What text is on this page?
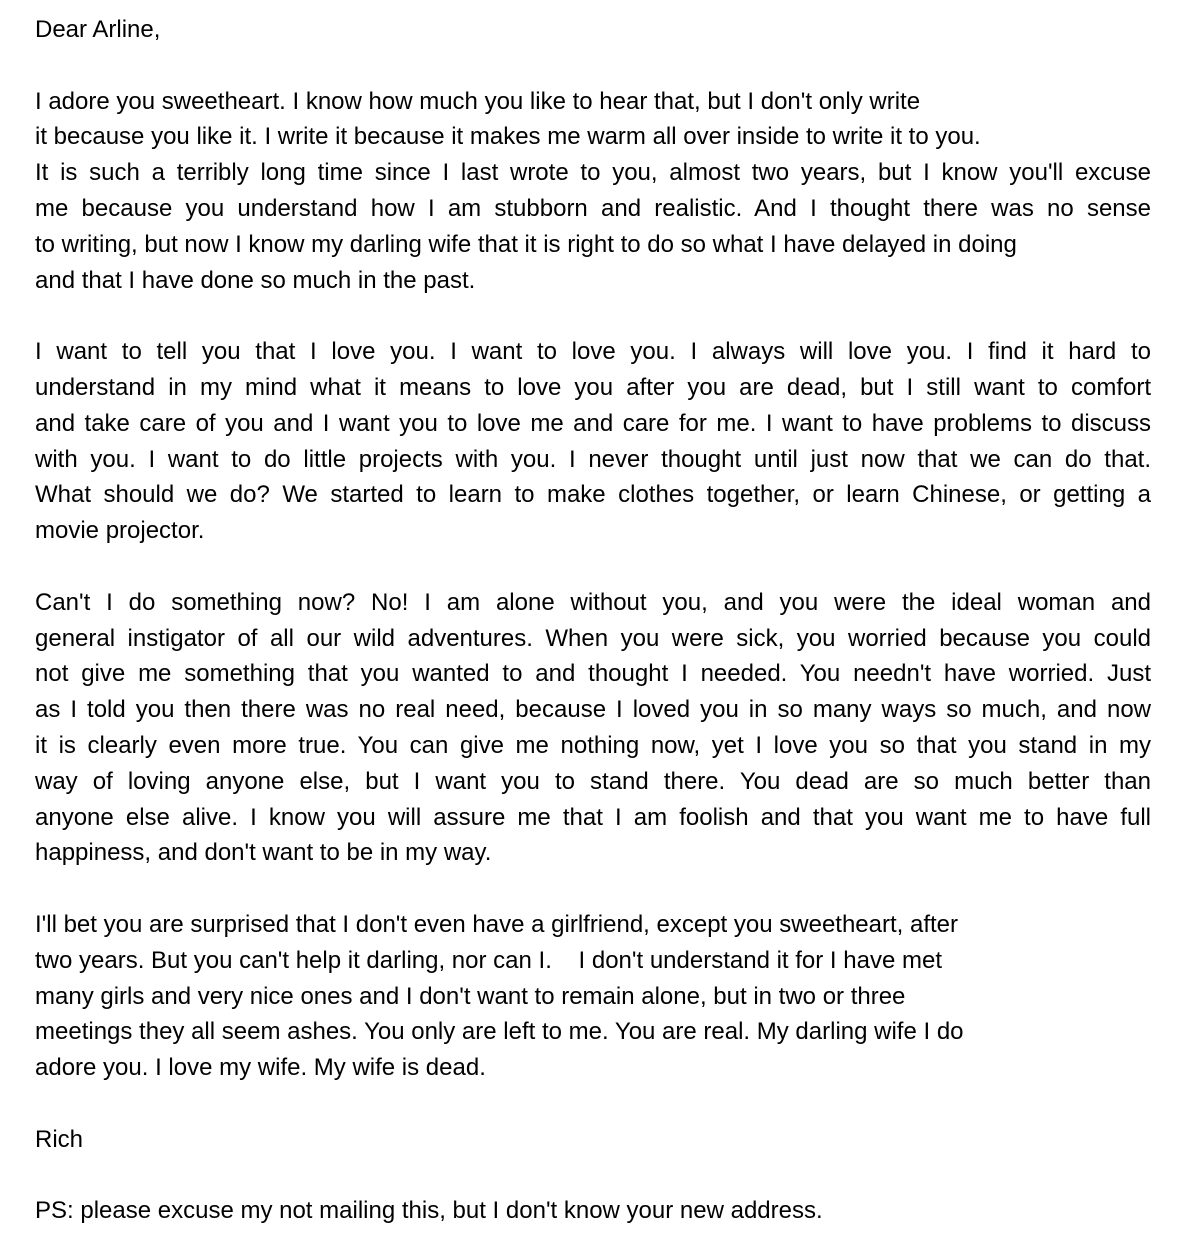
Dear Arline,

I adore you sweetheart. I know how much you like to hear that, but I don't only write
it because you like it. I write it because it makes me warm all over inside to write it to you.
It is such a terribly long time since I last wrote to you, almost two years, but I know you'll excuse
me because you understand how I am stubborn and realistic. And I thought there was no sense
to writing, but now I know my darling wife that it is right to do so what I have delayed in doing
and that I have done so much in the past.

I want to tell you that I love you. I want to love you. I always will love you. I find it hard to
understand in my mind what it means to love you after you are dead, but I still want to comfort
and take care of you and I want you to love me and care for me. I want to have problems to discuss
with you. I want to do little projects with you. I never thought until just now that we can do that.
What should we do? We started to learn to make clothes together, or learn Chinese, or getting a
movie projector.

Can't I do something now? No! I am alone without you, and you were the ideal woman and
general instigator of all our wild adventures. When you were sick, you worried because you could
not give me something that you wanted to and thought I needed. You needn't have worried. Just
as I told you then there was no real need, because I loved you in so many ways so much, and now
it is clearly even more true. You can give me nothing now, yet I love you so that you stand in my
way of loving anyone else, but I want you to stand there. You dead are so much better than
anyone else alive. I know you will assure me that I am foolish and that you want me to have full
happiness, and don't want to be in my way.

I'll bet you are surprised that I don't even have a girlfriend, except you sweetheart, after
two years. But you can't help it darling, nor can I.    I don't understand it for I have met
many girls and very nice ones and I don't want to remain alone, but in two or three
meetings they all seem ashes. You only are left to me. You are real. My darling wife I do
adore you. I love my wife. My wife is dead.

Rich

PS: please excuse my not mailing this, but I don't know your new address.
